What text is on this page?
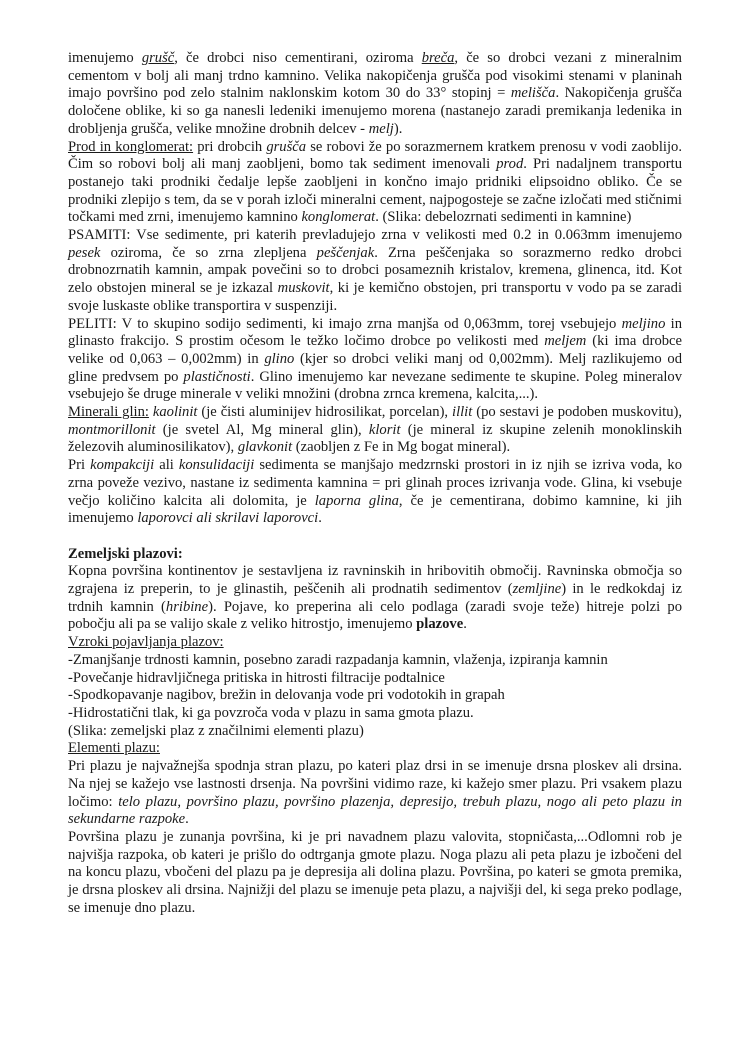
imenujemo grušč, če drobci niso cementirani, oziroma breča, če so drobci vezani z mineralnim cementom v bolj ali manj trdno kamnino. Velika nakopičenja grušča pod visokimi stenami v planinah imajo površino pod zelo stalnim naklonskim kotom 30 do 33° stopinj = melišča. Nakopičenja grušča določene oblike, ki so ga nanesli ledeniki imenujemo morena (nastanejo zaradi premikanja ledenika in drobljenja grušča, velike množine drobnih delcev - melj).

Prod in konglomerat: pri drobcih grušča se robovi že po sorazmernem kratkem prenosu v vodi zaoblijo. Čim so robovi bolj ali manj zaobljeni, bomo tak sediment imenovali prod. Pri nadaljnem transportu postanejo taki prodniki čedalje lepše zaobljeni in končno imajo pridniki elipsoidno obliko. Če se prodniki zlepijo s tem, da se v porah izloči mineralni cement, najpogosteje se začne izločati med stičnimi točkami med zrni, imenujemo kamnino konglomerat. (Slika: debelozrnati sedimenti in kamnine)

PSAMITI: Vse sedimente, pri katerih prevladujejo zrna v velikosti med 0.2 in 0.063mm imenujemo pesek oziroma, če so zrna zlepljena peščenjak. Zrna peščenjaka so sorazmerno redko drobci drobnozrnatih kamnin, ampak povečini so to drobci posameznih kristalov, kremena, glinenca, itd. Kot zelo obstojen mineral se je izkazal muskovit, ki je kemično obstojen, pri transportu v vodo pa se zaradi svoje luskaste oblike transportira v suspenziji.

PELITI: V to skupino sodijo sedimenti, ki imajo zrna manjša od 0,063mm, torej vsebujejo meljino in glinasto frakcijo. S prostim očesom le težko ločimo drobce po velikosti med meljem (ki ima drobce velike od 0,063 – 0,002mm) in glino (kjer so drobci veliki manj od 0,002mm). Melj razlikujemo od gline predvsem po plastičnosti. Glino imenujemo kar nevezane sedimente te skupine. Poleg mineralov vsebujejo še druge minerale v veliki množini (drobna zrnca kremena, kalcita,...).

Minerali glin: kaolinit (je čisti aluminijev hidrosilikat, porcelan), illit (po sestavi je podoben muskovitu), montmorillonit (je svetel Al, Mg mineral glin), klorit (je mineral iz skupine zelenih monoklinskih železovih aluminosilikatov), glavkonit (zaobljen z Fe in Mg bogat mineral).

Pri kompakciji ali konsulidaciji sedimenta se manjšajo medzrnski prostori in iz njih se izriva voda, ko zrna poveže vezivo, nastane iz sedimenta kamnina = pri glinah proces izrivanja vode. Glina, ki vsebuje večjo količino kalcita ali dolomita, je laporna glina, če je cementirana, dobimo kamnine, ki jih imenujemo laporovci ali skrilavi laporovci.

Zemeljski plazovi:

Kopna površina kontinentov je sestavljena iz ravninskih in hribovitih območij. Ravninska območja so zgrajena iz preperin, to je glinastih, peščenih ali prodnatih sedimentov (zemljine) in le redkokdaj iz trdnih kamnin (hribine). Pojave, ko preperina ali celo podlaga (zaradi svoje teže) hitreje polzi po pobočju ali pa se valijo skale z veliko hitrostjo, imenujemo plazove.

Vzroki pojavljanja plazov:

-Zmanjšanje trdnosti kamnin, posebno zaradi razpadanja kamnin, vlaženja, izpiranja kamnin

-Povečanje hidravljičnega pritiska in hitrosti filtracije podtalnice

-Spodkopavanje nagibov, brežin in delovanja vode pri vodotokih in grapah

-Hidrostatični tlak, ki ga povzroča voda v plazu in sama gmota plazu.

(Slika: zemeljski plaz z značilnimi elementi plazu)

Elementi plazu:

Pri plazu je najvažnejša spodnja stran plazu, po kateri plaz drsi in se imenuje drsna ploskev ali drsina. Na njej se kažejo vse lastnosti drsenja. Na površini vidimo raze, ki kažejo smer plazu. Pri vsakem plazu ločimo: telo plazu, površino plazu, površino plazenja, depresijo, trebuh plazu, nogo ali peto plazu in sekundarne razpoke.

Površina plazu je zunanja površina, ki je pri navadnem plazu valovita, stopničasta,...Odlomni rob je najvišja razpoka, ob kateri je prišlo do odtrganja gmote plazu. Noga plazu ali peta plazu je izbočeni del na koncu plazu, vbočeni del plazu pa je depresija ali dolina plazu. Površina, po kateri se gmota premika, je drsna ploskev ali drsina. Najnižji del plazu se imenuje peta plazu, a najvišji del, ki sega preko podlage, se imenuje dno plazu.
